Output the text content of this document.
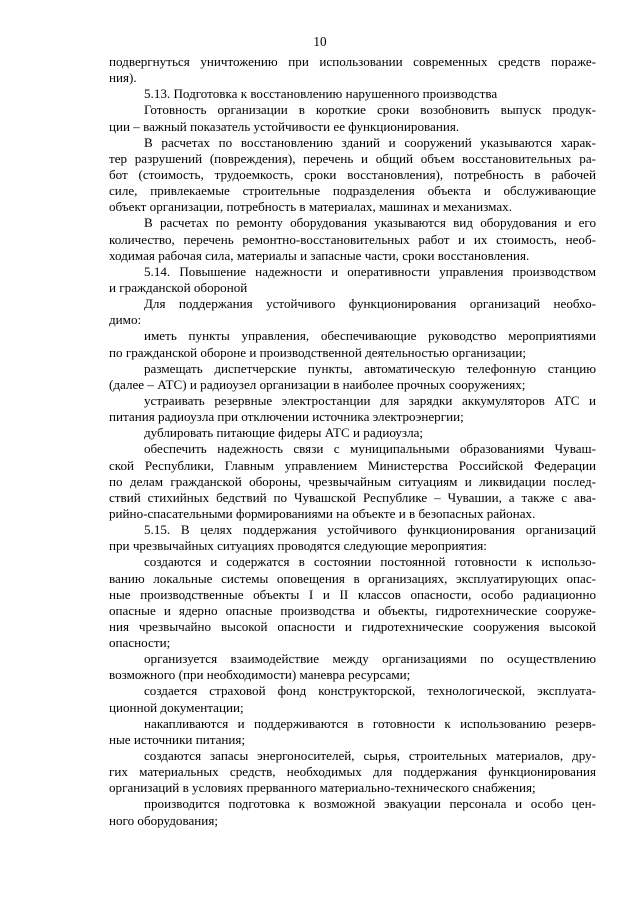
10
подвергнуться уничтожению при использовании современных средств пораже-
ния).
5.13. Подготовка к восстановлению нарушенного производства
Готовность организации в короткие сроки возобновить выпуск продук-
ции – важный показатель устойчивости ее функционирования.
В расчетах по восстановлению зданий и сооружений указываются харак-
тер разрушений (повреждения), перечень и общий объем восстановительных ра-
бот (стоимость, трудоемкость, сроки восстановления), потребность в рабочей
силе, привлекаемые строительные подразделения объекта и обслуживающие
объект организации, потребность в материалах, машинах и механизмах.
В расчетах по ремонту оборудования указываются вид оборудования и его
количество, перечень ремонтно-восстановительных работ и их стоимость, необ-
ходимая рабочая сила, материалы и запасные части, сроки восстановления.
5.14. Повышение надежности и оперативности управления производством
и гражданской обороной
Для поддержания устойчивого функционирования организаций необхо-
димо:
иметь пункты управления, обеспечивающие руководство мероприятиями
по гражданской обороне и производственной деятельностью организации;
размещать диспетчерские пункты, автоматическую телефонную станцию
(далее – АТС) и радиоузел организации в наиболее прочных сооружениях;
устраивать резервные электростанции для зарядки аккумуляторов АТС и
питания радиоузла при отключении источника электроэнергии;
дублировать питающие фидеры АТС и радиоузла;
обеспечить надежность связи с муниципальными образованиями Чуваш-
ской Республики, Главным управлением Министерства Российской Федерации
по делам гражданской обороны, чрезвычайным ситуациям и ликвидации послед-
ствий стихийных бедствий по Чувашской Республике – Чувашии, а также с ава-
рийно-спасательными формированиями на объекте и в безопасных районах.
5.15. В целях поддержания устойчивого функционирования организаций
при чрезвычайных ситуациях проводятся следующие мероприятия:
создаются и содержатся в состоянии постоянной готовности к использо-
ванию локальные системы оповещения в организациях, эксплуатирующих опас-
ные производственные объекты I и II классов опасности, особо радиационно
опасные и ядерно опасные производства и объекты, гидротехнические сооруже-
ния чрезвычайно высокой опасности и гидротехнические сооружения высокой
опасности;
организуется взаимодействие между организациями по осуществлению
возможного (при необходимости) маневра ресурсами;
создается страховой фонд конструкторской, технологической, эксплуата-
ционной документации;
накапливаются и поддерживаются в готовности к использованию резерв-
ные источники питания;
создаются запасы энергоносителей, сырья, строительных материалов, дру-
гих материальных средств, необходимых для поддержания функционирования
организаций в условиях прерванного материально-технического снабжения;
производится подготовка к возможной эвакуации персонала и особо цен-
ного оборудования;
